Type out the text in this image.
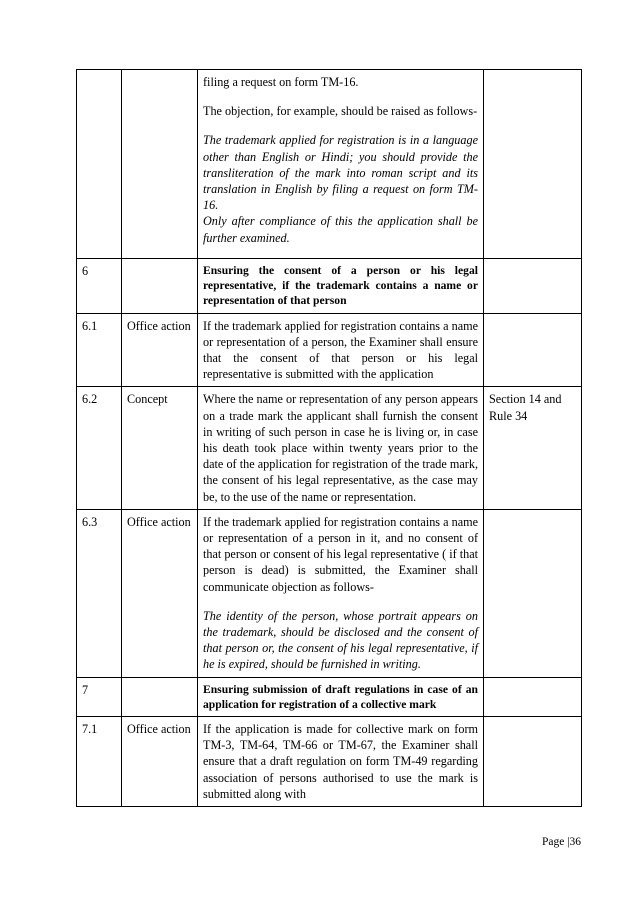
		filing a request on form TM-16.

The objection, for example, should be raised as follows-

The trademark applied for registration is in a language other than English or Hindi; you should provide the transliteration of the mark into roman script and its translation in English by filing a request on form TM-16.

Only after compliance of this the application shall be further examined.	

6		Ensuring the consent of a person or his legal representative, if the trademark contains a name or representation of that person	
6.1	Office action	If the trademark applied for registration contains a name or representation of a person, the Examiner shall ensure that the consent of that person or his legal representative is submitted with the application	
6.2	Concept	Where the name or representation of any person appears on a trade mark the applicant shall furnish the consent in writing of such person in case he is living or, in case his death took place within twenty years prior to the date of the application for registration of the trade mark, the consent of his legal representative, as the case may be, to the use of the name or representation.	Section 14 and Rule 34
6.3	Office action	If the trademark applied for registration contains a name or representation of a person in it, and no consent of that person or consent of his legal representative ( if that person is dead) is submitted, the Examiner shall communicate objection as follows-

The identity of the person, whose portrait appears on the trademark, should be disclosed and the consent of that person or, the consent of his legal representative, if he is expired, should be furnished in writing.	

7		Ensuring submission of draft regulations in case of an application for registration of a collective mark	
7.1	Office action	If the application is made for collective mark on form TM-3, TM-64, TM-66 or TM-67, the Examiner shall ensure that a draft regulation on form TM-49 regarding association of persons authorised to use the mark is submitted along with	
Page |36
